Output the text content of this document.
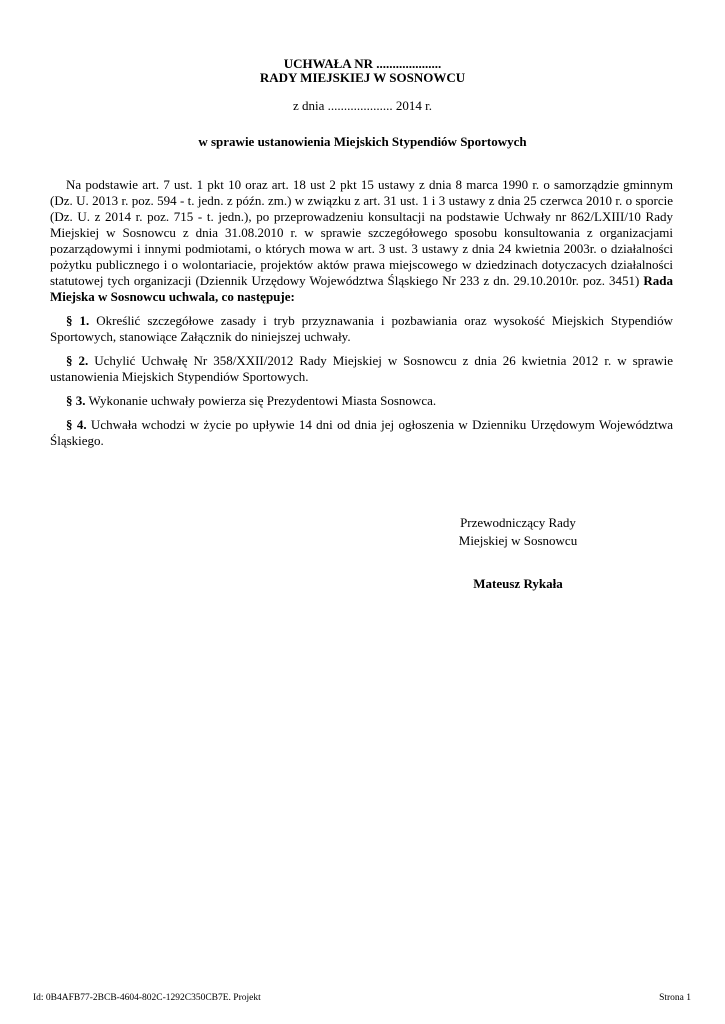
UCHWAŁA NR ....................
RADY MIEJSKIEJ W SOSNOWCU
z dnia .................... 2014 r.
w sprawie ustanowienia Miejskich Stypendiów Sportowych

Na podstawie art. 7 ust. 1 pkt 10 oraz art. 18 ust 2 pkt 15 ustawy z dnia 8 marca 1990 r. o samorządzie gminnym (Dz. U. 2013 r. poz. 594 - t. jedn. z późn. zm.) w związku z art. 31 ust. 1 i 3 ustawy z dnia 25 czerwca 2010 r. o sporcie (Dz. U. z 2014 r. poz. 715 - t. jedn.), po przeprowadzeniu konsultacji na podstawie Uchwały nr 862/LXIII/10 Rady Miejskiej w Sosnowcu z dnia 31.08.2010 r. w sprawie szczegółowego sposobu konsultowania z organizacjami pozarządowymi i innymi podmiotami, o których mowa w art. 3 ust. 3 ustawy z dnia 24 kwietnia 2003r. o działalności pożytku publicznego i o wolontariacie, projektów aktów prawa miejscowego w dziedzinach dotyczacych działalności statutowej tych organizacji (Dziennik Urzędowy Województwa Śląskiego Nr 233 z dn. 29.10.2010r. poz. 3451) Rada Miejska w Sosnowcu uchwala, co następuje:

§ 1. Określić szczegółowe zasady i tryb przyznawania i pozbawiania oraz wysokość Miejskich Stypendiów Sportowych, stanowiące Załącznik do niniejszej uchwały.

§ 2. Uchylić Uchwałę Nr 358/XXII/2012 Rady Miejskiej w Sosnowcu z dnia 26 kwietnia 2012 r. w sprawie ustanowienia Miejskich Stypendiów Sportowych.

§ 3. Wykonanie uchwały powierza się Prezydentowi Miasta Sosnowca.

§ 4. Uchwała wchodzi w życie po upływie 14 dni od dnia jej ogłoszenia w Dzienniku Urzędowym Województwa Śląskiego.

Przewodniczący Rady
Miejskiej w Sosnowcu
Mateusz Rykała
Id: 0B4AFB77-2BCB-4604-802C-1292C350CB7E. Projekt	Strona 1
